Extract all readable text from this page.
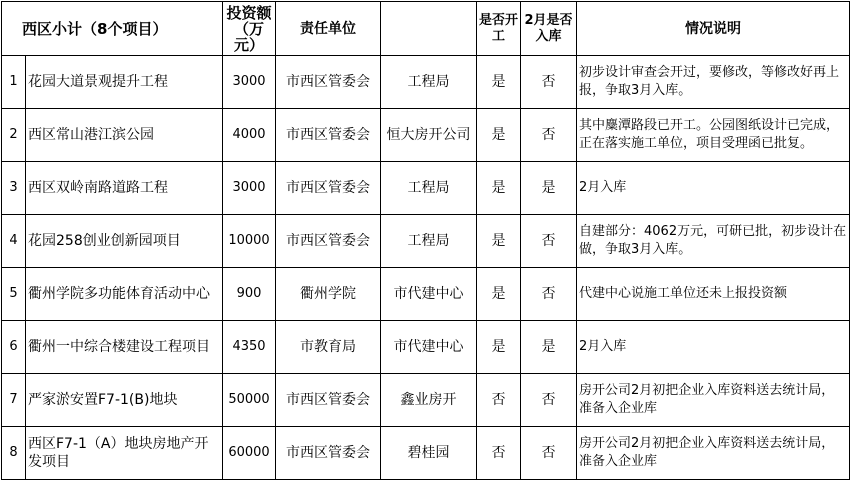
西区小计（8个项目）		投资额（万元）	责任单位		是否开工	2月是否入库	情况说明
1	花园大道景观提升工程	3000	市西区管委会	工程局	是	否	初步设计审查会开过，要修改，等修改好再上报，争取3月入库。
2	西区常山港江滨公园	4000	市西区管委会	恒大房开公司	是	否	其中麋潭路段已开工。公园图纸设计已完成，正在落实施工单位，项目受理函已批复。
3	西区双岭南路道路工程	3000	市西区管委会	工程局	是	是	2月入库
4	花园258创业创新园项目	10000	市西区管委会	工程局	是	否	自建部分：4062万元，可研已批，初步设计在做，争取3月入库。
5	衢州学院多功能体育活动中心	900	衢州学院	市代建中心	是	否	代建中心说施工单位还未上报投资额
6	衢州一中综合楼建设工程项目	4350	市教育局	市代建中心	是	是	2月入库
7	严家淤安置F7-1(B)地块	50000	市西区管委会	鑫业房开	否	否	房开公司2月初把企业入库资料送去统计局，准备入企业库
8	西区F7-1（A）地块房地产开发项目	60000	市西区管委会	碧桂园	否	否	房开公司2月初把企业入库资料送去统计局，准备入企业库
